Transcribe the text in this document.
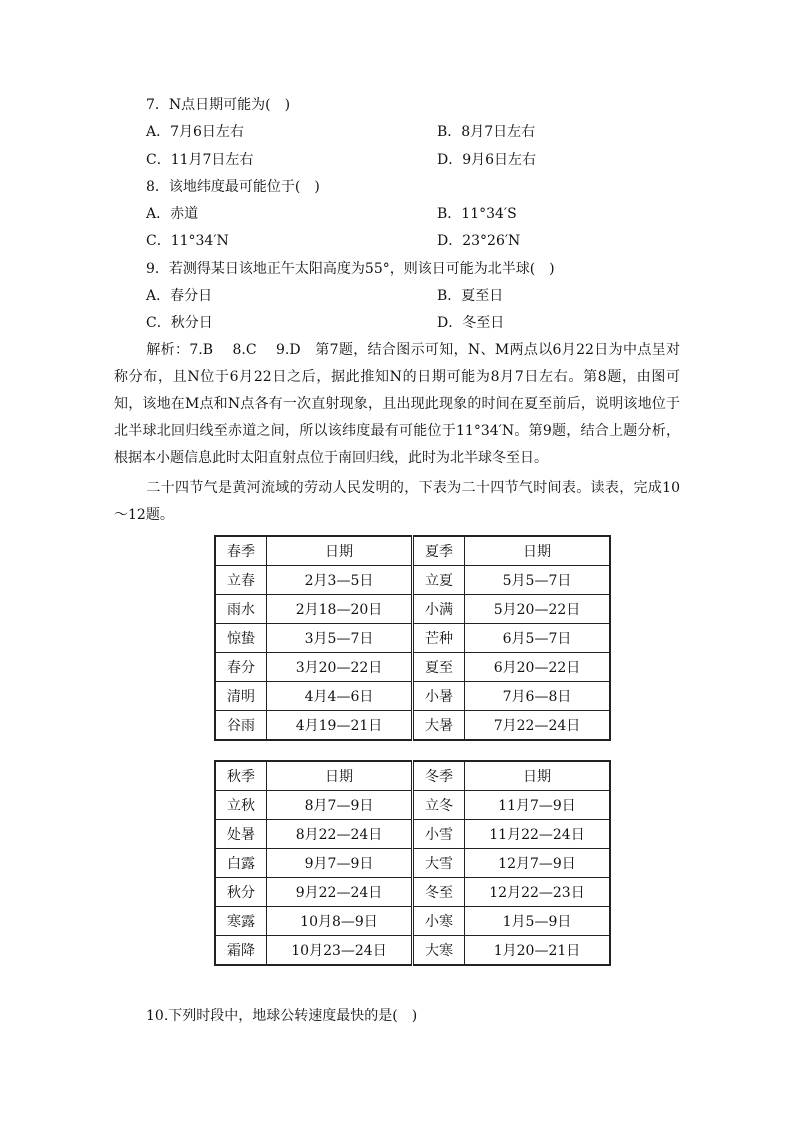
7．N点日期可能为(　)
A．7月6日左右	B．8月7日左右
C．11月7日左右	D．9月6日左右
8．该地纬度最可能位于(　)
A．赤道	B．11°34′S
C．11°34′N	D．23°26′N
9．若测得某日该地正午太阳高度为55°，则该日可能为北半球(　)
A．春分日	B．夏至日
C．秋分日	D．冬至日
解析：7.B　 8.C　 9.D　第7题，结合图示可知，N、M两点以6月22日为中点呈对称分布，且N位于6月22日之后，据此推知N的日期可能为8月7日左右。第8题，由图可知，该地在M点和N点各有一次直射现象，且出现此现象的时间在夏至前后，说明该地位于北半球北回归线至赤道之间，所以该纬度最有可能位于11°34′N。第9题，结合上题分析，根据本小题信息此时太阳直射点位于南回归线，此时为北半球冬至日。
二十四节气是黄河流域的劳动人民发明的，下表为二十四节气时间表。读表，完成10～12题。
春季	日期	夏季	日期
立春	2月3—5日	立夏	5月5—7日
雨水	2月18—20日	小满	5月20—22日
惊蛰	3月5—7日	芒种	6月5—7日
春分	3月20—22日	夏至	6月20—22日
清明	4月4—6日	小暑	7月6—8日
谷雨	4月19—21日	大暑	7月22—24日
秋季	日期	冬季	日期
立秋	8月7—9日	立冬	11月7—9日
处暑	8月22—24日	小雪	11月22—24日
白露	9月7—9日	大雪	12月7—9日
秋分	9月22—24日	冬至	12月22—23日
寒露	10月8—9日	小寒	1月5—9日
霜降	10月23—24日	大寒	1月20—21日
10.下列时段中，地球公转速度最快的是(　)
